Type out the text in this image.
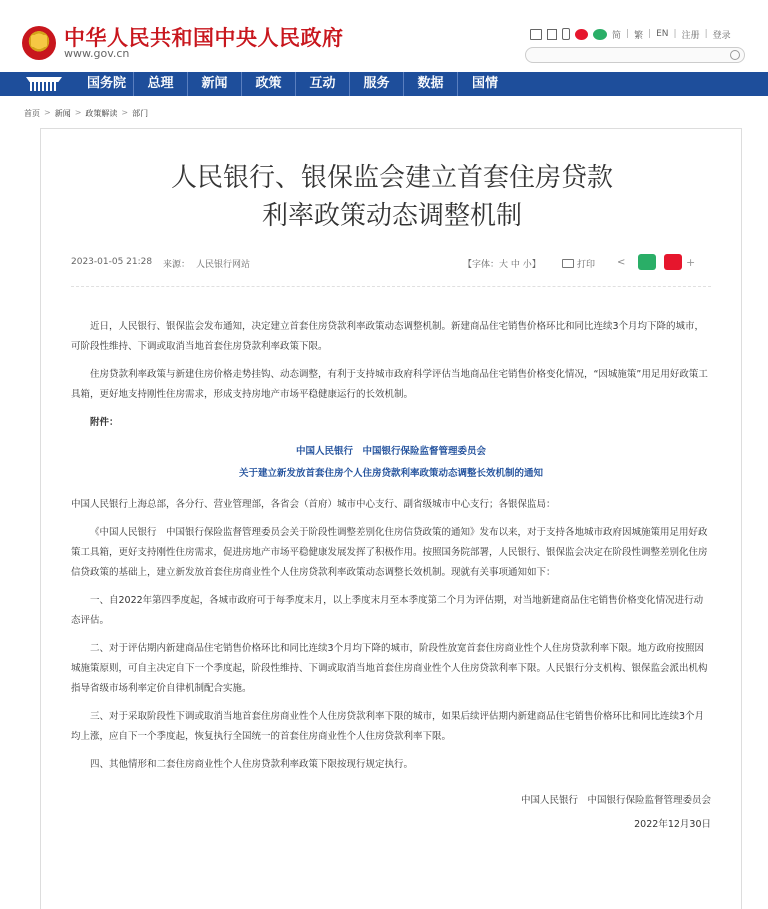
中华人民共和国中央人民政府
www.gov.cn
简 | 繁 | EN | 注册 | 登录
国务院	总理	新闻	政策	互动	服务	数据	国情
首页 > 新闻 > 政策解读 > 部门
人民银行、银保监会建立首套住房贷款利率政策动态调整机制
2023-01-05 21:28 来源： 人民银行网站	【字体：大 中 小】	打印
<	+

近日，人民银行、银保监会发布通知，决定建立首套住房贷款利率政策动态调整机制。新建商品住宅销售价格环比和同比连续3个月均下降的城市，可阶段性维持、下调或取消当地首套住房贷款利率政策下限。

住房贷款利率政策与新建住房价格走势挂钩、动态调整，有利于支持城市政府科学评估当地商品住宅销售价格变化情况，“因城施策”用足用好政策工具箱，更好地支持刚性住房需求，形成支持房地产市场平稳健康运行的长效机制。

附件：

中国人民银行　中国银行保险监督管理委员会
关于建立新发放首套住房个人住房贷款利率政策动态调整长效机制的通知

中国人民银行上海总部，各分行、营业管理部，各省会（首府）城市中心支行、副省级城市中心支行；各银保监局：

《中国人民银行　中国银行保险监督管理委员会关于阶段性调整差别化住房信贷政策的通知》发布以来，对于支持各地城市政府因城施策用足用好政策工具箱，更好支持刚性住房需求，促进房地产市场平稳健康发展发挥了积极作用。按照国务院部署，人民银行、银保监会决定在阶段性调整差别化住房信贷政策的基础上，建立新发放首套住房商业性个人住房贷款利率政策动态调整长效机制。现就有关事项通知如下：

一、自2022年第四季度起，各城市政府可于每季度末月，以上季度末月至本季度第二个月为评估期，对当地新建商品住宅销售价格变化情况进行动态评估。

二、对于评估期内新建商品住宅销售价格环比和同比连续3个月均下降的城市，阶段性放宽首套住房商业性个人住房贷款利率下限。地方政府按照因城施策原则，可自主决定自下一个季度起，阶段性维持、下调或取消当地首套住房商业性个人住房贷款利率下限。人民银行分支机构、银保监会派出机构指导省级市场利率定价自律机制配合实施。

三、对于采取阶段性下调或取消当地首套住房商业性个人住房贷款利率下限的城市，如果后续评估期内新建商品住宅销售价格环比和同比连续3个月均上涨，应自下一个季度起，恢复执行全国统一的首套住房商业性个人住房贷款利率下限。

四、其他情形和二套住房商业性个人住房贷款利率政策下限按现行规定执行。

中国人民银行　中国银行保险监督管理委员会
2022年12月30日
